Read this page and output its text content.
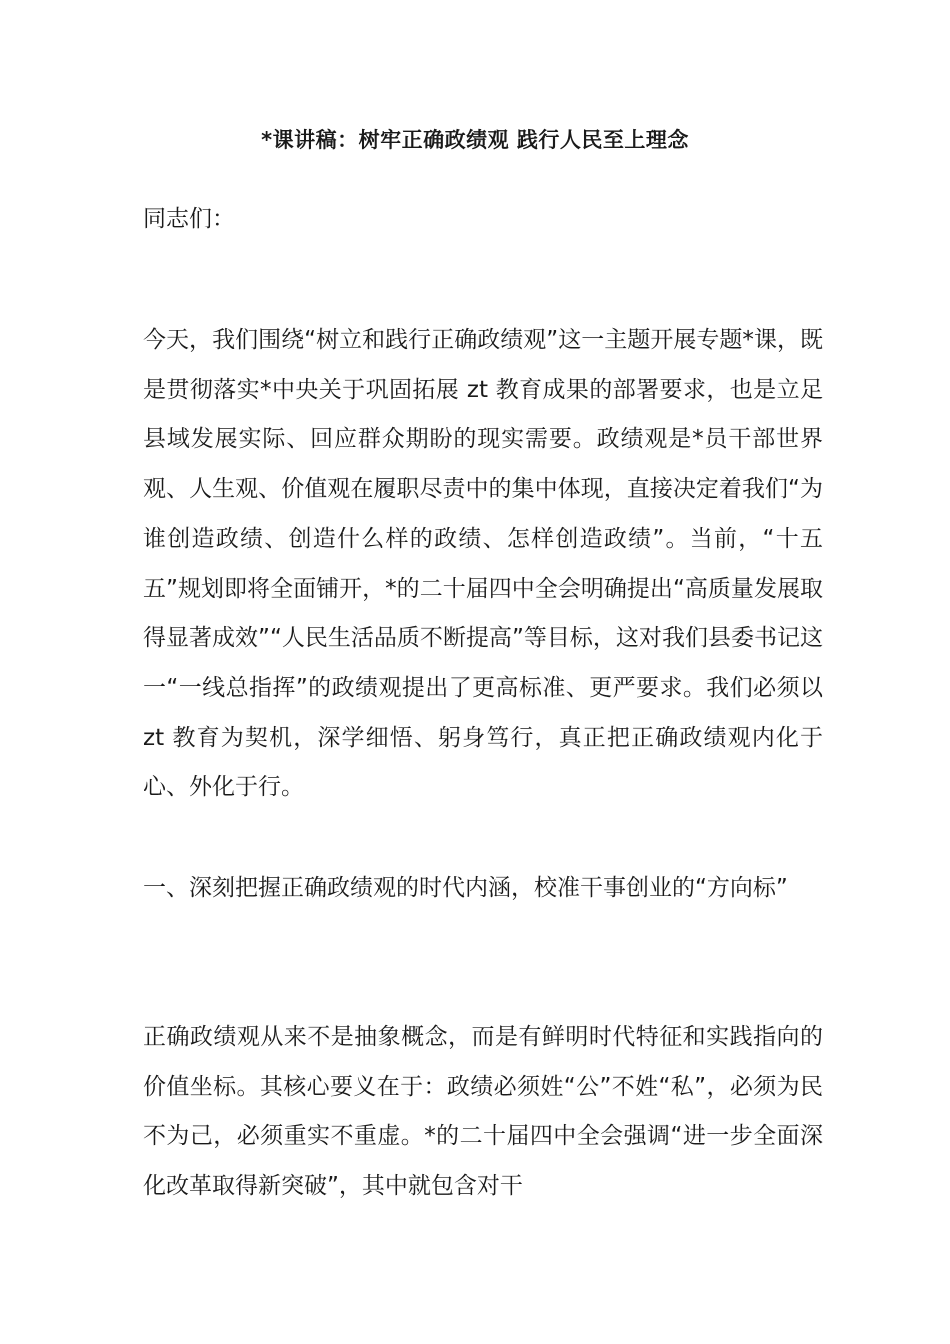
*课讲稿：树牢正确政绩观 践行人民至上理念

同志们：

今天，我们围绕“树立和践行正确政绩观”这一主题开展专题*课，既是贯彻落实*中央关于巩固拓展 zt 教育成果的部署要求，也是立足县域发展实际、回应群众期盼的现实需要。政绩观是*员干部世界观、人生观、价值观在履职尽责中的集中体现，直接决定着我们“为谁创造政绩、创造什么样的政绩、怎样创造政绩”。当前，“十五五”规划即将全面铺开，*的二十届四中全会明确提出“高质量发展取得显著成效”“人民生活品质不断提高”等目标，这对我们县委书记这一“一线总指挥”的政绩观提出了更高标准、更严要求。我们必须以 zt 教育为契机，深学细悟、躬身笃行，真正把正确政绩观内化于心、外化于行。

一、深刻把握正确政绩观的时代内涵，校准干事创业的“方向标”

正确政绩观从来不是抽象概念，而是有鲜明时代特征和实践指向的价值坐标。其核心要义在于：政绩必须姓“公”不姓“私”，必须为民不为己，必须重实不重虚。*的二十届四中全会强调“进一步全面深化改革取得新突破”，其中就包含对干
